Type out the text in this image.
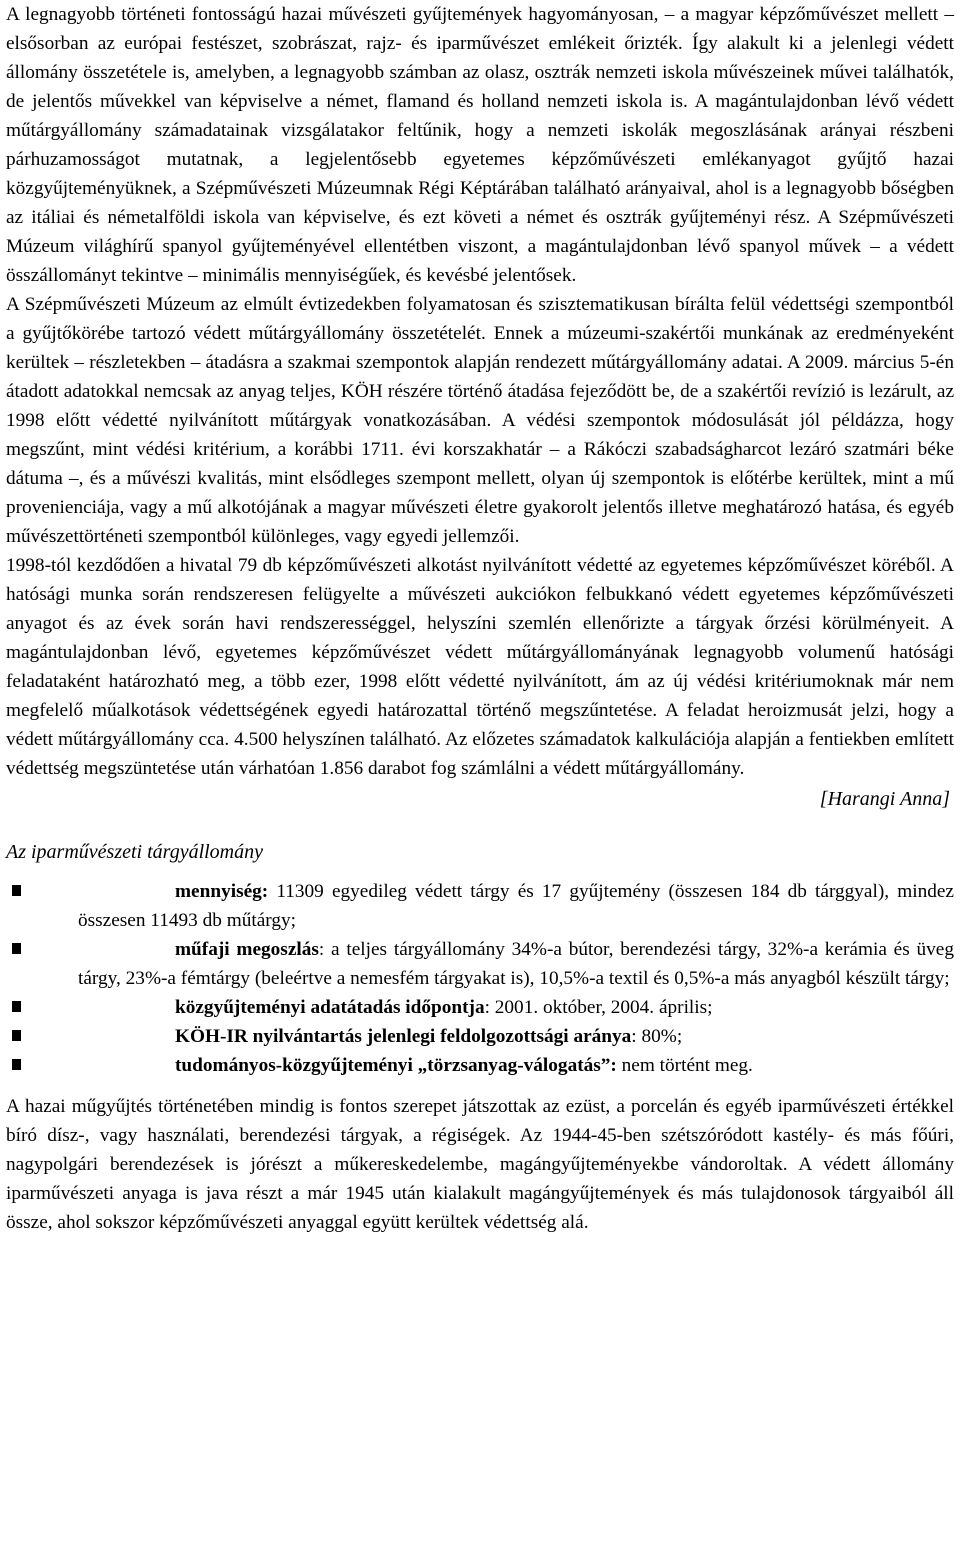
A legnagyobb történeti fontosságú hazai művészeti gyűjtemények hagyományosan, – a magyar képzőművészet mellett – elsősorban az európai festészet, szobrászat, rajz- és iparművészet emlékeit őrizték. Így alakult ki a jelenlegi védett állomány összetétele is, amelyben, a legnagyobb számban az olasz, osztrák nemzeti iskola művészeinek művei találhatók, de jelentős művekkel van képviselve a német, flamand és holland nemzeti iskola is. A magántulajdonban lévő védett műtárgyállomány számadatainak vizsgálatakor feltűnik, hogy a nemzeti iskolák megoszlásának arányai részbeni párhuzamosságot mutatnak, a legjelentősebb egyetemes képzőművészeti emlékanyagot gyűjtő hazai közgyűjteményüknek, a Szépművészeti Múzeumnak Régi Képtárában található arányaival, ahol is a legnagyobb bőségben az itáliai és németalföldi iskola van képviselve, és ezt követi a német és osztrák gyűjteményi rész. A Szépművészeti Múzeum világhírű spanyol gyűjteményével ellentétben viszont, a magántulajdonban lévő spanyol művek – a védett összállományt tekintve – minimális mennyiségűek, és kevésbé jelentősek.

A Szépművészeti Múzeum az elmúlt évtizedekben folyamatosan és szisztematikusan bírálta felül védettségi szempontból a gyűjtőkörébe tartozó védett műtárgyállomány összetételét. Ennek a múzeumi-szakértői munkának az eredményeként kerültek – részletekben – átadásra a szakmai szempontok alapján rendezett műtárgyállomány adatai. A 2009. március 5-én átadott adatokkal nemcsak az anyag teljes, KÖH részére történő átadása fejeződött be, de a szakértői revízió is lezárult, az 1998 előtt védetté nyilvánított műtárgyak vonatkozásában. A védési szempontok módosulását jól példázza, hogy megszűnt, mint védési kritérium, a korábbi 1711. évi korszakhatár – a Rákóczi szabadságharcot lezáró szatmári béke dátuma –, és a művészi kvalitás, mint elsődleges szempont mellett, olyan új szempontok is előtérbe kerültek, mint a mű provenienciája, vagy a mű alkotójának a magyar művészeti életre gyakorolt jelentős illetve meghatározó hatása, és egyéb művészettörténeti szempontból különleges, vagy egyedi jellemzői.

1998-tól kezdődően a hivatal 79 db képzőművészeti alkotást nyilvánított védetté az egyetemes képzőművészet köréből. A hatósági munka során rendszeresen felügyelte a művészeti aukciókon felbukkanó védett egyetemes képzőművészeti anyagot és az évek során havi rendszerességgel, helyszíni szemlén ellenőrizte a tárgyak őrzési körülményeit. A magántulajdonban lévő, egyetemes képzőművészet védett műtárgyállományának legnagyobb volumenű hatósági feladataként határozható meg, a több ezer, 1998 előtt védetté nyilvánított, ám az új védési kritériumoknak már nem megfelelő műalkotások védettségének egyedi határozattal történő megszűntetése. A feladat heroizmusát jelzi, hogy a védett műtárgyállomány cca. 4.500 helyszínen található. Az előzetes számadatok kalkulációja alapján a fentiekben említett védettség megszüntetése után várhatóan 1.856 darabot fog számlálni a védett műtárgyállomány.

[Harangi Anna]
Az iparművészeti tárgyállomány
mennyiség: 11309 egyedileg védett tárgy és 17 gyűjtemény (összesen 184 db tárggyal), mindez összesen 11493 db műtárgy;
műfaji megoszlás: a teljes tárgyállomány 34%-a bútor, berendezési tárgy, 32%-a kerámia és üveg tárgy, 23%-a fémtárgy (beleértve a nemesfém tárgyakat is), 10,5%-a textil és 0,5%-a más anyagból készült tárgy;
közgyűjteményi adatátadás időpontja: 2001. október, 2004. április;
KÖH-IR nyilvántartás jelenlegi feldolgozottsági aránya: 80%;
tudományos-közgyűjteményi „törzsanyag-válogatás”: nem történt meg.

A hazai műgyűjtés történetében mindig is fontos szerepet játszottak az ezüst, a porcelán és egyéb iparművészeti értékkel bíró dísz-, vagy használati, berendezési tárgyak, a régiségek. Az 1944-45-ben szétszóródott kastély- és más főúri, nagypolgári berendezések is jórészt a műkereskedelembe, magángyűjteményekbe vándoroltak. A védett állomány iparművészeti anyaga is java részt a már 1945 után kialakult magángyűjtemények és más tulajdonosok tárgyaiból áll össze, ahol sokszor képzőművészeti anyaggal együtt kerültek védettség alá.
